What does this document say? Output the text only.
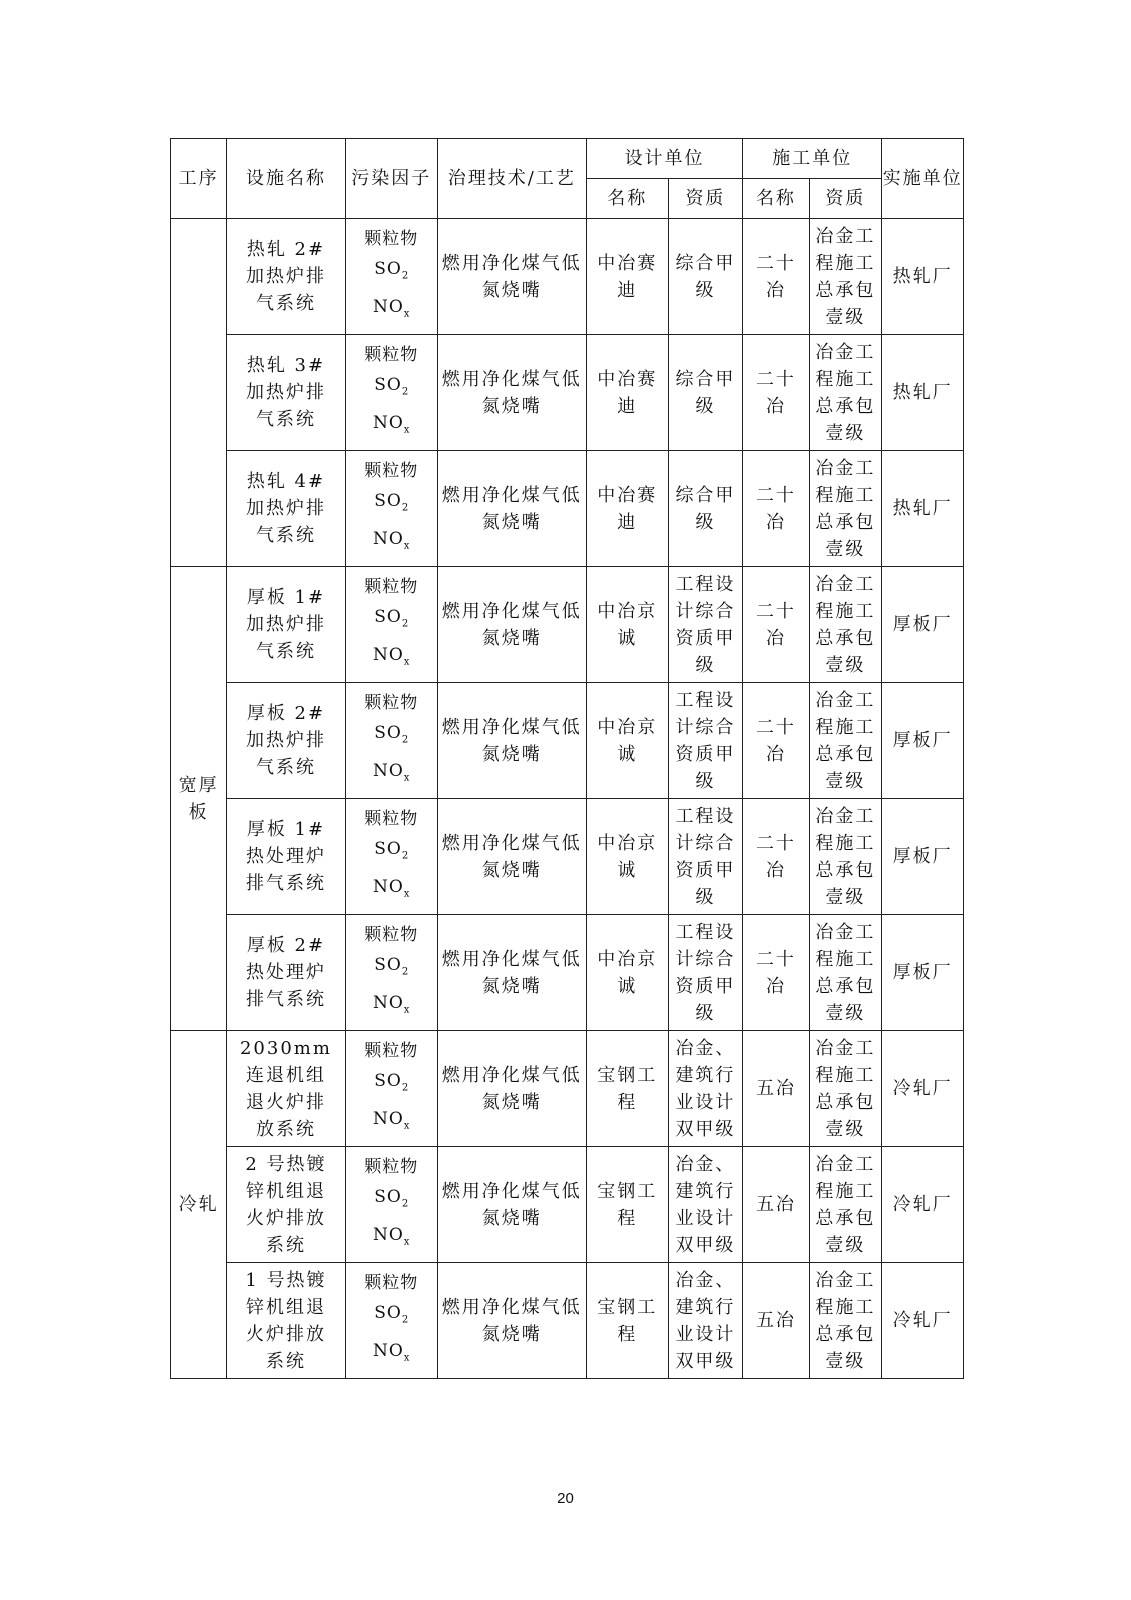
工序	设施名称	污染因子	治理技术/工艺	设计单位		施工单位		实施单位
				名称	资质	名称	资质	

	热轧 2#加热炉排气系统	颗粒物
$SO_2$
$NO_x$	燃用净化煤气低氮烧嘴	中冶赛迪	综合甲级	二十冶	冶金工程施工总承包壹级	热轧厂

	热轧 3#加热炉排气系统	颗粒物
$SO_2$
$NO_x$	燃用净化煤气低氮烧嘴	中冶赛迪	综合甲级	二十冶	冶金工程施工总承包壹级	热轧厂

	热轧 4#加热炉排气系统	颗粒物
$SO_2$
$NO_x$	燃用净化煤气低氮烧嘴	中冶赛迪	综合甲级	二十冶	冶金工程施工总承包壹级	热轧厂

宽厚板	厚板 1#加热炉排气系统	颗粒物
$SO_2$
$NO_x$	燃用净化煤气低氮烧嘴	中冶京诚	工程设计综合资质甲级	二十冶	冶金工程施工总承包壹级	厚板厂

	厚板 2#加热炉排气系统	颗粒物
$SO_2$
$NO_x$	燃用净化煤气低氮烧嘴	中冶京诚	工程设计综合资质甲级	二十冶	冶金工程施工总承包壹级	厚板厂

	厚板 1#热处理炉排气系统	颗粒物
$SO_2$
$NO_x$	燃用净化煤气低氮烧嘴	中冶京诚	工程设计综合资质甲级	二十冶	冶金工程施工总承包壹级	厚板厂

	厚板 2#热处理炉排气系统	颗粒物
$SO_2$
$NO_x$	燃用净化煤气低氮烧嘴	中冶京诚	工程设计综合资质甲级	二十冶	冶金工程施工总承包壹级	厚板厂

冷轧	2030mm 连退机组退火炉排放系统	颗粒物
$SO_2$
$NO_x$	燃用净化煤气低氮烧嘴	宝钢工程	冶金、建筑行业设计双甲级	五冶	冶金工程施工总承包壹级	冷轧厂

	2 号热镀锌机组退火炉排放系统	颗粒物
$SO_2$
$NO_x$	燃用净化煤气低氮烧嘴	宝钢工程	冶金、建筑行业设计双甲级	五冶	冶金工程施工总承包壹级	冷轧厂

	1 号热镀锌机组退火炉排放系统	颗粒物
$SO_2$
$NO_x$	燃用净化煤气低氮烧嘴	宝钢工程	冶金、建筑行业设计双甲级	五冶	冶金工程施工总承包壹级	冷轧厂
20
